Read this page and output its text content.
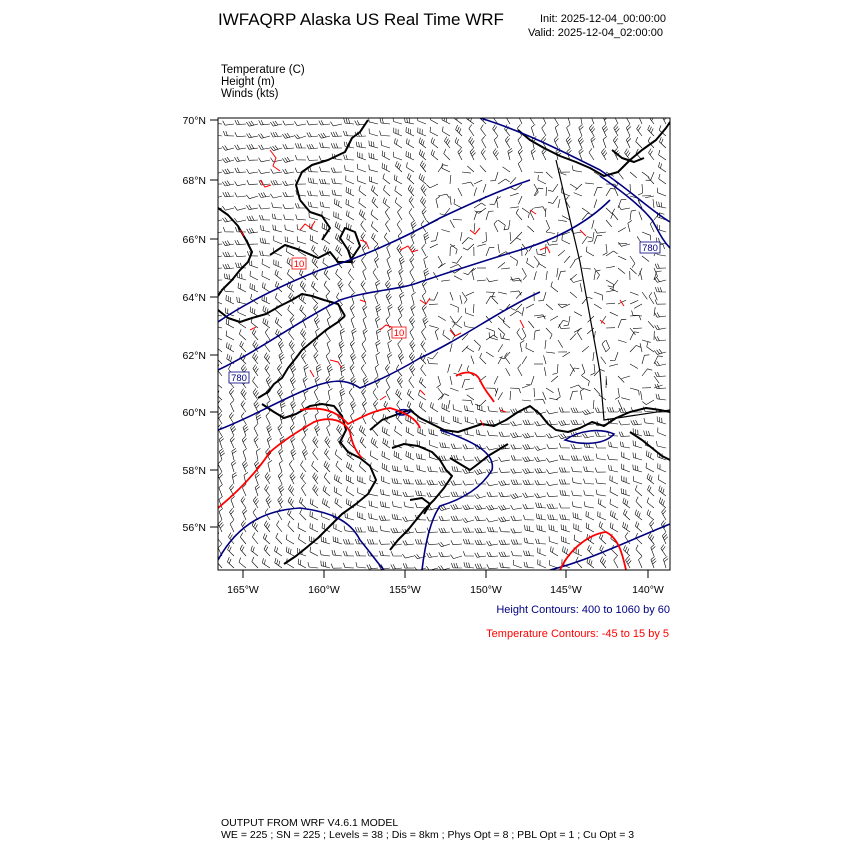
IWFAQRP Alaska US Real Time WRF	Init: 2025-12-04_00:00:00
Valid: 2025-12-04_02:00:00
Temperature (C)
Height (m)
Winds (kts)
780
780
10
10
70°N
68°N
66°N
64°N
62°N
60°N
58°N
56°N
165°W	160°W	155°W	150°W	145°W	140°W
Height Contours: 400 to 1060 by 60
Temperature Contours: -45 to 15 by 5
OUTPUT FROM WRF V4.6.1 MODEL
WE = 225 ; SN = 225 ; Levels = 38 ; Dis = 8km ; Phys Opt = 8 ; PBL Opt = 1 ; Cu Opt = 3
